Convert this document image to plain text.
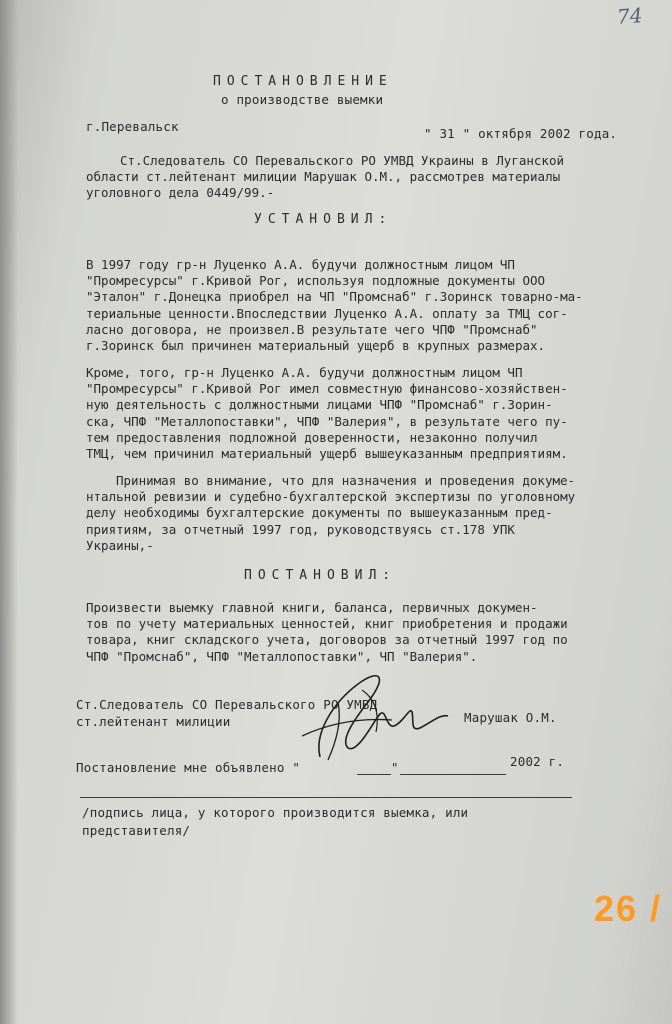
74
ПОСТАНОВЛЕНИЕ
о производстве выемки
г.Перевальск	" 31 " октября 2002 года.
Ст.Следователь СО Перевальского РО УМВД Украины в Луганской
области ст.лейтенант милиции Марушак О.М., рассмотрев материалы
уголовного дела 0449/99.-
УСТАНОВИЛ:
В 1997 году гр-н Луценко А.А. будучи должностным лицом ЧП
"Промресурсы" г.Кривой Рог, используя подложные документы ООО
"Эталон" г.Донецка приобрел на ЧП "Промснаб" г.Зоринск товарно-ма-
териальные ценности.Впоследствии Луценко А.А. оплату за ТМЦ сог-
ласно договора, не произвел.В результате чего ЧПФ "Промснаб"
г.Зоринск был причинен материальный ущерб в крупных размерах.
Кроме, того, гр-н Луценко А.А. будучи должностным лицом ЧП
"Промресурсы" г.Кривой Рог имел совместную финансово-хозяйствен-
ную деятельность с должностными лицами ЧПФ "Промснаб" г.Зорин-
ска, ЧПФ "Металлопоставки", ЧПФ "Валерия", в результате чего пу-
тем предоставления подложной доверенности, незаконно получил
ТМЦ, чем причинил материальный ущерб вышеуказанным предприятиям.
Принимая во внимание, что для назначения и проведения докуме-
нтальной ревизии и судебно-бухгалтерской экспертизы по уголовному
делу необходимы бухгалтерские документы по вышеуказанным пред-
приятиям, за отчетный 1997 год, руководствуясь ст.178 УПК
Украины,-
ПОСТАНОВИЛ:
Произвести выемку главной книги, баланса, первичных докумен-
тов по учету материальных ценностей, книг приобретения и продажи
товара, книг складского учета, договоров за отчетный 1997 год по
ЧПФ "Промснаб", ЧПФ "Металлопоставки", ЧП "Валерия".
Ст.Следователь СО Перевальского РО УМВД
ст.лейтенант милиции	Марушак О.М.
Постановление мне объявлено "	"	2002 г.
/подпись лица, у которого производится выемка, или
представителя/
26 /
